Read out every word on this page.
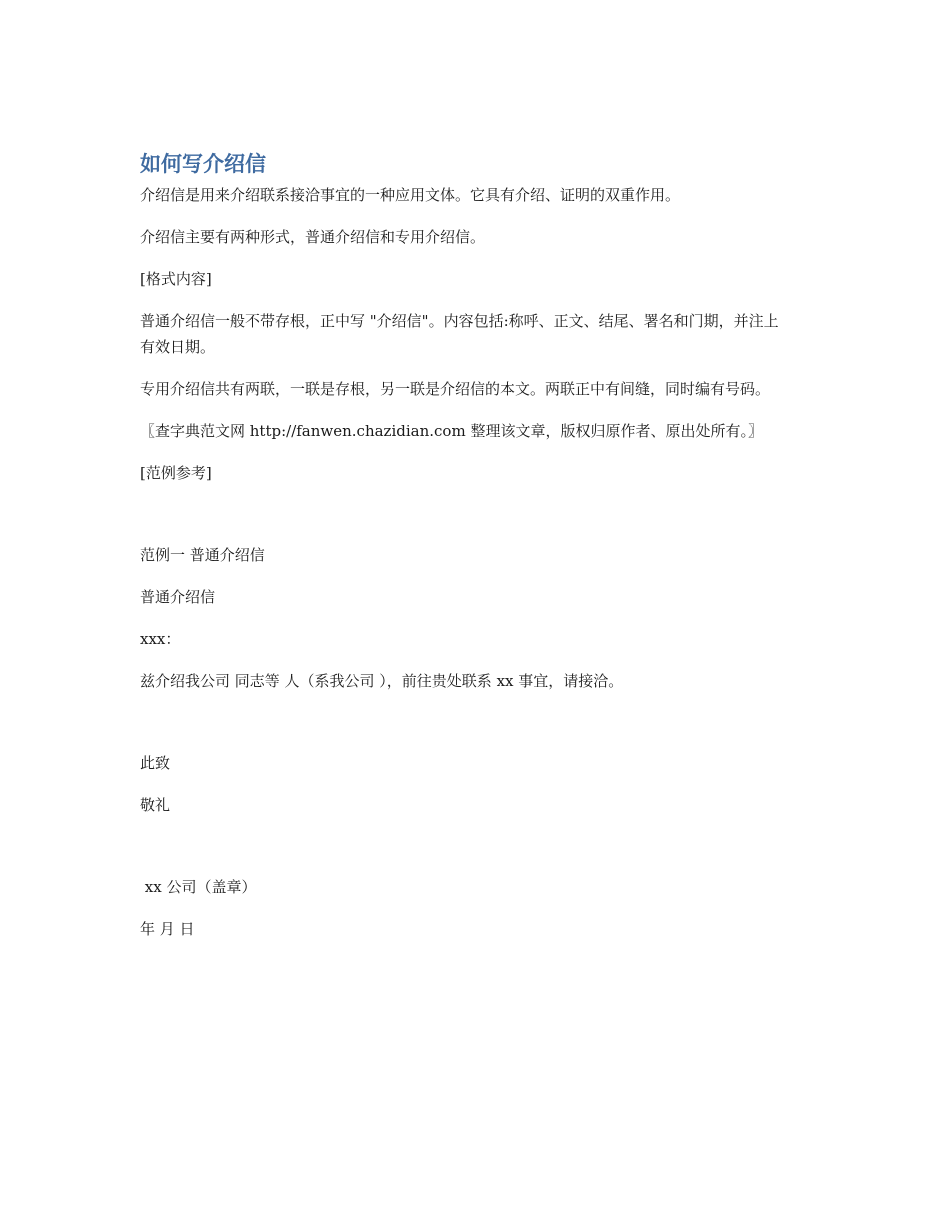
如何写介绍信

介绍信是用来介绍联系接洽事宜的一种应用文体。它具有介绍、证明的双重作用。

介绍信主要有两种形式，普通介绍信和专用介绍信。

[格式内容]

普通介绍信一般不带存根，正中写 "介绍信"。内容包括:称呼、正文、结尾、署名和门期，并注上有效日期。

专用介绍信共有两联，一联是存根，另一联是介绍信的本文。两联正中有间缝，同时编有号码。

〖查字典范文网 http://fanwen.chazidian.com 整理该文章，版权归原作者、原出处所有。〗

[范例参考]

范例一 普通介绍信

普通介绍信

xxx：

兹介绍我公司 同志等 人（系我公司 ），前往贵处联系 xx 事宜，请接洽。

此致

敬礼

xx 公司（盖章）

年 月 日
